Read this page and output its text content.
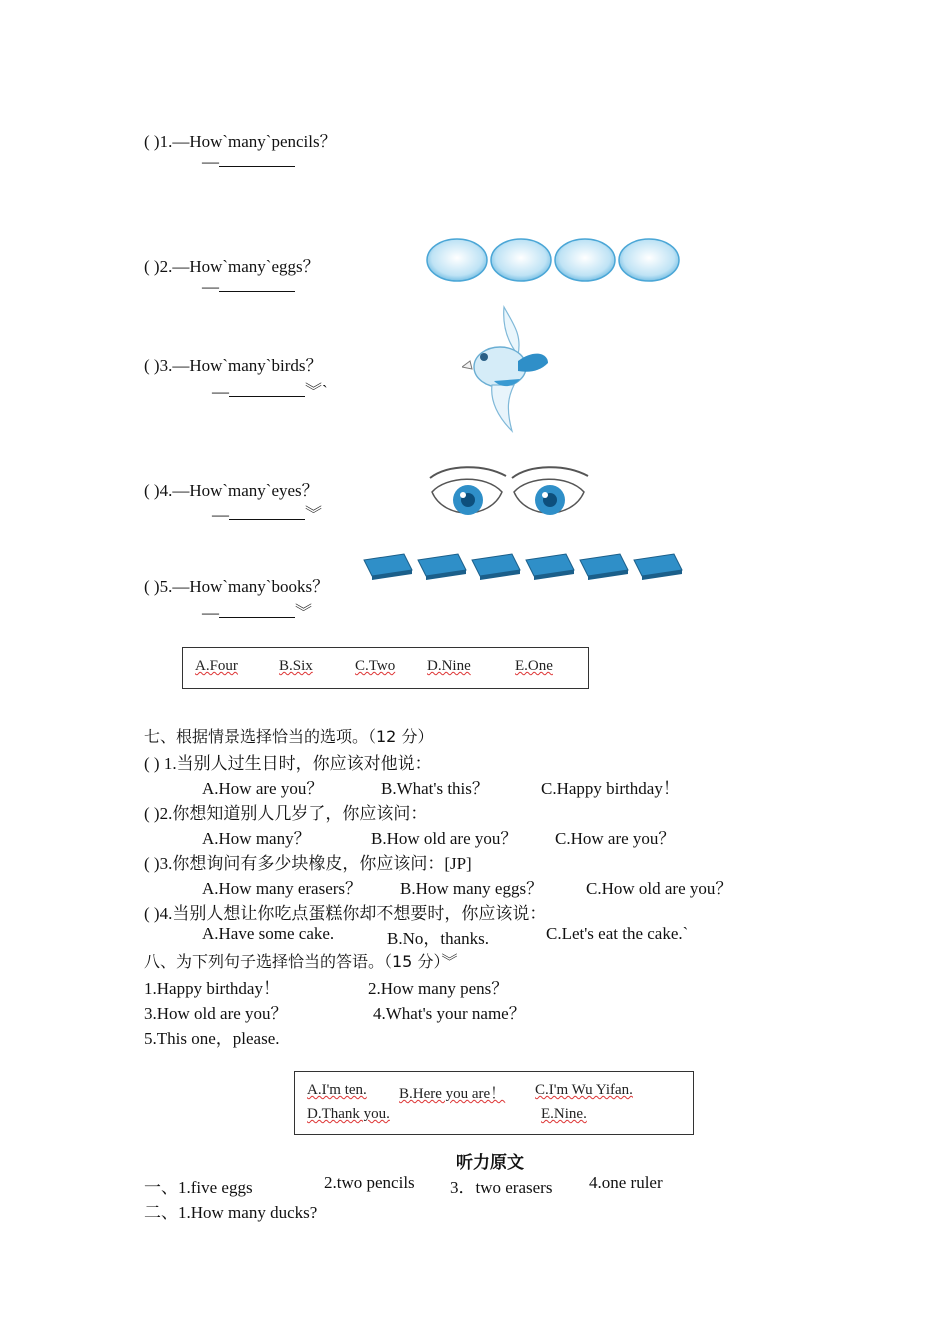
( )1.—How`many`pencils？
—
( )2.—How`many`eggs？
—
( )3.—How`many`birds？
—	︾`
( )4.—How`many`eyes？
—	︾
( )5.—How`many`books？
—	︾
A.Four	B.Six	C.Two D.Nine	E.One
七、根据情景选择恰当的选项。（12 分）
( ) 1.当别人过生日时，你应该对他说：
A.How are you？	B.What's this？	C.Happy birthday！
( )2.你想知道别人几岁了，你应该问：
A.How many？	B.How old are you？ C.How are you？
( )3.你想询问有多少块橡皮，你应该问：[JP]
A.How many erasers？ B.How many eggs？	C.How old are you？
( )4.当别人想让你吃点蛋糕你却不想要时，你应该说：
A.Have some cake.	B.No，thanks.	C.Let's eat the cake.`
八、为下列句子选择恰当的答语。（15 分）︾
1.Happy birthday！	2.How many pens？
3.How old are you？	4.What's your name？
5.This one，please.
A.I'm ten. B.Here you are！ C.I'm Wu Yifan.
D.Thank you.	E.Nine.
听力原文
一、1.five eggs	2.two pencils 3．two erasers 4.one ruler
二、1.How many ducks?
